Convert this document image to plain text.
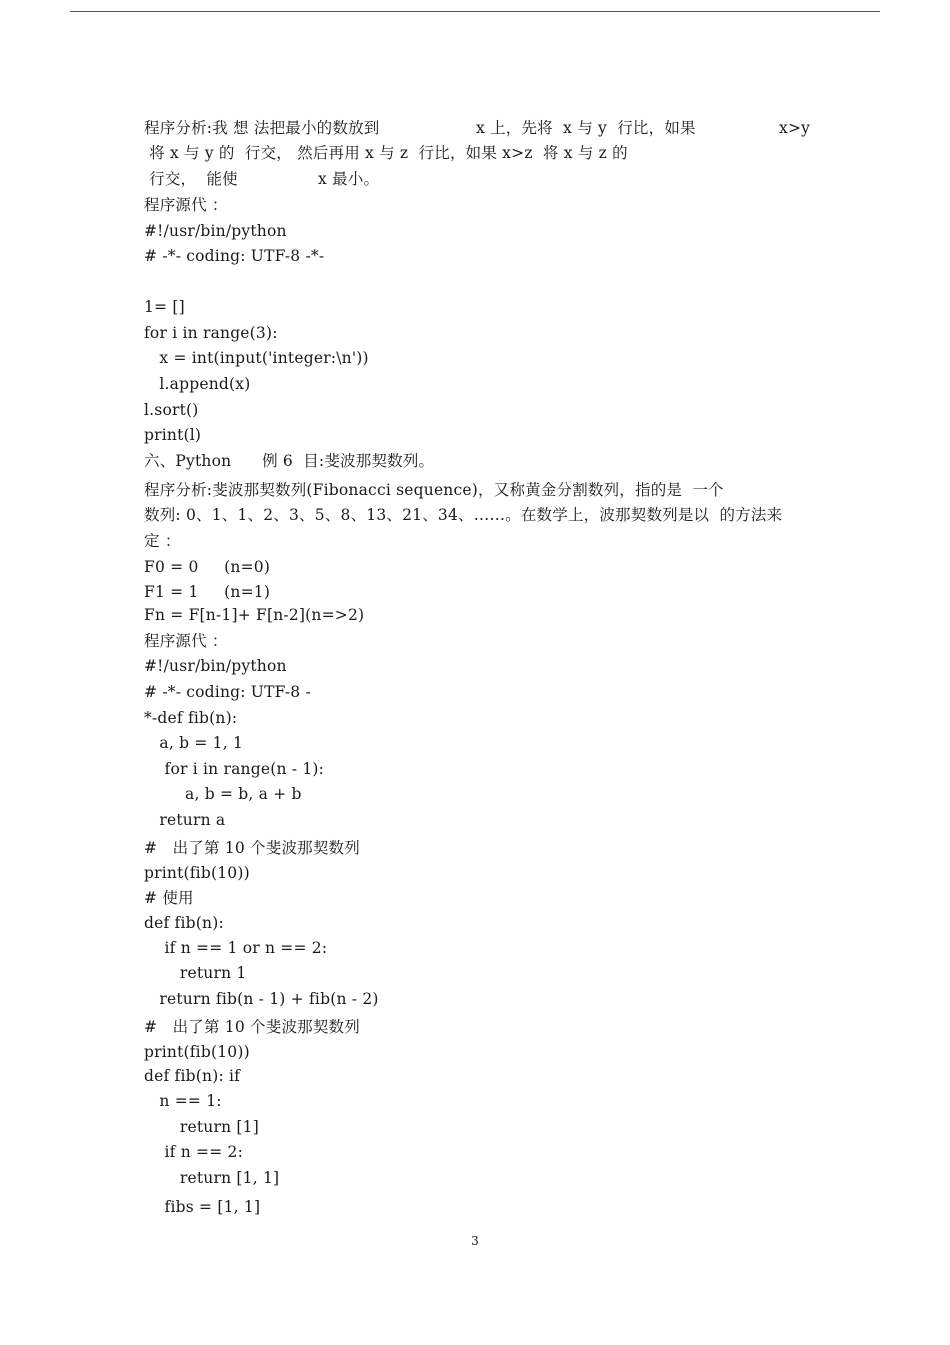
程序分析:我 想 法把最小的数放到	x 上，先将  x 与 y  行比，如果	x>y
将 x 与 y 的  行交， 然后再用 x 与 z  行比，如果 x>z  将 x 与 z 的
行交，  能使	x 最小。
程序源代 ：
#!/usr/bin/python
# -*- coding: UTF-8 -*-
1= []
for i in range(3):
x = int(input('integer:\n'))
l.append(x)
l.sort()
print(l)
六、Python      例 6  目:斐波那契数列。
程序分析:斐波那契数列(Fibonacci sequence)，又称黄金分割数列，指的是  一个
数列: 0、1、1、2、3、5、8、13、21、34、……。在数学上，波那契数列是以  的方法来
定 ：
F0 = 0     (n=0)
F1 = 1     (n=1)
Fn = F[n-1]+ F[n-2](n=>2)
程序源代 ：
#!/usr/bin/python
# -*- coding: UTF-8 -
*-def fib(n):
a, b = 1, 1
for i in range(n - 1):
a, b = b, a + b
return a
#   出了第 10 个斐波那契数列
print(fib(10))
# 使用
def fib(n):
if n == 1 or n == 2:
return 1
return fib(n - 1) + fib(n - 2)
#   出了第 10 个斐波那契数列
print(fib(10))
def fib(n): if
n == 1:
return [1]
if n == 2:
return [1, 1]
fibs = [1, 1]
3
